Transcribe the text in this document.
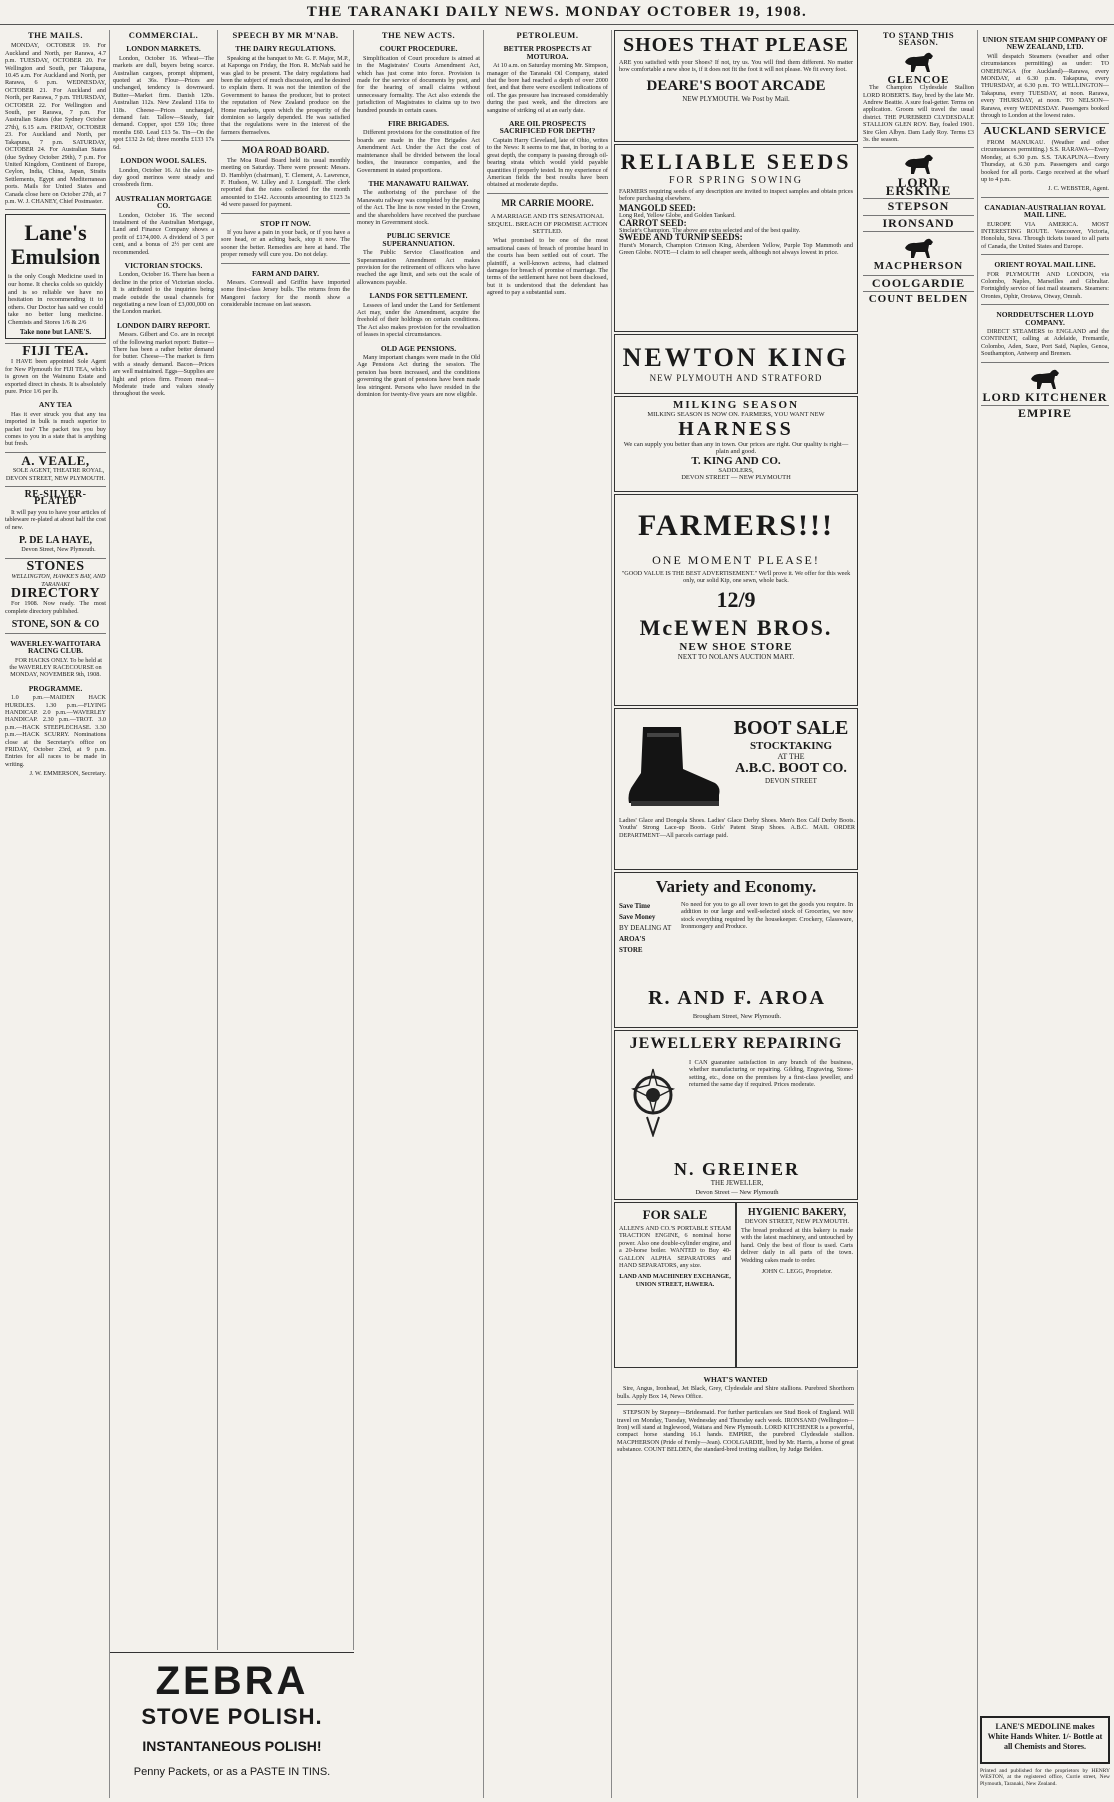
THE TARANAKI DAILY NEWS. MONDAY OCTOBER 19, 1908.
THE MAILS.

MONDAY, OCTOBER 19. For Auckland and North, per Rarawa, 4.7 p.m. TUESDAY, OCTOBER 20. For Wellington and South, per Takapuna, 10.45 a.m. For Auckland and North, per Rarawa, 6 p.m. WEDNESDAY, OCTOBER 21. For Auckland and North, per Rarawa, 7 p.m. THURSDAY, OCTOBER 22. For Wellington and South, per Rarawa, 7 p.m. For Australian States (due Sydney October 27th), 6.15 a.m. FRIDAY, OCTOBER 23. For Auckland and North, per Takapuna, 7 p.m. SATURDAY, OCTOBER 24. For Australian States (due Sydney October 29th), 7 p.m. For United Kingdom, Continent of Europe, Ceylon, India, China, Japan, Straits Settlements, Egypt and Mediterranean ports. Mails for United States and Canada close here on October 27th, at 7 p.m. W. J. CHANEY, Chief Postmaster.

Lane's Emulsion
is the only Cough Medicine used in our home. It checks colds so quickly and is so reliable we have no hesitation in recommending it to others. Our Doctor has said we could take no better lung medicine. Chemists and Stores 1/6 & 2/6
Take none but LANE'S.
FIJI TEA.

I HAVE been appointed Sole Agent for New Plymouth for FIJI TEA, which is grown on the Wainunu Estate and exported direct in chests. It is absolutely pure. Price 1/6 per lb.

ANY TEA

Has it ever struck you that any tea imported in bulk is much superior to packet tea? The packet tea you buy comes to you in a state that is anything but fresh.

A. VEALE,

SOLE AGENT, THEATRE ROYAL, DEVON STREET, NEW PLYMOUTH.

RE-SILVER-PLATED

It will pay you to have your articles of tableware re-plated at about half the cost of new.

P. DE LA HAYE,

Devon Street, New Plymouth.

STONES

WELLINGTON, HAWKE'S BAY, AND TARANAKI

DIRECTORY

For 1908. Now ready. The most complete directory published.

STONE, SON & CO
WAVERLEY-WAITOTARA RACING CLUB.

FOR HACKS ONLY. To be held at the WAVERLEY RACECOURSE on MONDAY, NOVEMBER 9th, 1908.

PROGRAMME.

1.0 p.m.—MAIDEN HACK HURDLES. 1.30 p.m.—FLYING HANDICAP. 2.0 p.m.—WAVERLEY HANDICAP. 2.30 p.m.—TROT. 3.0 p.m.—HACK STEEPLECHASE. 3.30 p.m.—HACK SCURRY. Nominations close at the Secretary's office on FRIDAY, October 23rd, at 9 p.m. Entries for all races to be made in writing.

J. W. EMMERSON, Secretary.

COMMERCIAL.
LONDON MARKETS.

London, October 16. Wheat—The markets are dull, buyers being scarce. Australian cargoes, prompt shipment, quoted at 36s. Flour—Prices are unchanged, tendency is downward. Butter—Market firm. Danish 120s. Australian 112s. New Zealand 116s to 118s. Cheese—Prices unchanged, demand fair. Tallow—Steady, fair demand. Copper, spot £59 10s; three months £60. Lead £13 5s. Tin—On the spot £132 2s 6d; three months £133 17s 6d.

LONDON WOOL SALES.

London, October 16. At the sales to-day good merinos were steady and crossbreds firm.

AUSTRALIAN MORTGAGE CO.

London, October 16. The second instalment of the Australian Mortgage, Land and Finance Company shows a profit of £174,000. A dividend of 3 per cent, and a bonus of 2½ per cent are recommended.

VICTORIAN STOCKS.

London, October 16. There has been a decline in the price of Victorian stocks. It is attributed to the inquiries being made outside the usual channels for negotiating a new loan of £3,000,000 on the London market.

LONDON DAIRY REPORT.

Messrs. Gilbert and Co. are in receipt of the following market report: Butter—There has been a rather better demand for butter. Cheese—The market is firm with a steady demand. Bacon—Prices are well maintained. Eggs—Supplies are light and prices firm. Frozen meat—Moderate trade and values steady throughout the week.

SPEECH BY MR M'NAB.
THE DAIRY REGULATIONS.

Speaking at the banquet to Mr. G. F. Major, M.P., at Kaponga on Friday, the Hon. R. McNab said he was glad to be present. The dairy regulations had been the subject of much discussion, and he desired to explain them. It was not the intention of the Government to harass the producer, but to protect the reputation of New Zealand produce on the Home markets, upon which the prosperity of the dominion so largely depended. He was satisfied that the regulations were in the interest of the farmers themselves.

MOA ROAD BOARD.

The Moa Road Board held its usual monthly meeting on Saturday. There were present: Messrs. D. Hamblyn (chairman), T. Clement, A. Lawrence, F. Hudson, W. Lilley and J. Longstaff. The clerk reported that the rates collected for the month amounted to £142. Accounts amounting to £123 3s 4d were passed for payment.

STOP IT NOW.

If you have a pain in your back, or if you have a sore head, or an aching back, stop it now. The sooner the better. Remedies are here at hand. The proper remedy will cure you. Do not delay.

FARM AND DAIRY.

Messrs. Cornwall and Griffin have imported some first-class Jersey bulls. The returns from the Mangorei factory for the month show a considerable increase on last season.

THE NEW ACTS.
COURT PROCEDURE.

Simplification of Court procedure is aimed at in the Magistrates' Courts Amendment Act, which has just come into force. Provision is made for the service of documents by post, and for the hearing of small claims without unnecessary formality. The Act also extends the jurisdiction of Magistrates to claims up to two hundred pounds in certain cases.

FIRE BRIGADES.

Different provisions for the constitution of fire boards are made in the Fire Brigades Act Amendment Act. Under the Act the cost of maintenance shall be divided between the local bodies, the insurance companies, and the Government in stated proportions.

THE MANAWATU RAILWAY.

The authorising of the purchase of the Manawatu railway was completed by the passing of the Act. The line is now vested in the Crown, and the shareholders have received the purchase money in Government stock.

PUBLIC SERVICE SUPERANNUATION.

The Public Service Classification and Superannuation Amendment Act makes provision for the retirement of officers who have reached the age limit, and sets out the scale of allowances payable.

LANDS FOR SETTLEMENT.

Lessees of land under the Land for Settlement Act may, under the Amendment, acquire the freehold of their holdings on certain conditions. The Act also makes provision for the revaluation of leases in special circumstances.

OLD AGE PENSIONS.

Many important changes were made in the Old Age Pensions Act during the session. The pension has been increased, and the conditions governing the grant of pensions have been made less stringent. Persons who have resided in the dominion for twenty-five years are now eligible.

PETROLEUM.
BETTER PROSPECTS AT MOTUROA.

At 10 a.m. on Saturday morning Mr. Simpson, manager of the Taranaki Oil Company, stated that the bore had reached a depth of over 2000 feet, and that there were excellent indications of oil. The gas pressure has increased considerably during the past week, and the directors are sanguine of striking oil at an early date.

ARE OIL PROSPECTS SACRIFICED FOR DEPTH?

Captain Harry Cleveland, late of Ohio, writes to the News: It seems to me that, in boring to a great depth, the company is passing through oil-bearing strata which would yield payable quantities if properly tested. In my experience of American fields the best results have been obtained at moderate depths.

MR CARRIE MOORE.
A MARRIAGE AND ITS SENSATIONAL SEQUEL. BREACH OF PROMISE ACTION SETTLED.

What promised to be one of the most sensational cases of breach of promise heard in the courts has been settled out of court. The plaintiff, a well-known actress, had claimed damages for breach of promise of marriage. The terms of the settlement have not been disclosed, but it is understood that the defendant has agreed to pay a substantial sum.

ZEBRA
STOVE POLISH.
INSTANTANEOUS POLISH!
Penny Packets, or as a PASTE IN TINS.
SHOES THAT PLEASE
ARE you satisfied with your Shoes? If not, try us. You will find them different. No matter how comfortable a new shoe is, if it does not fit the foot it will not please. We fit every foot.
DEARE'S BOOT ARCADE
NEW PLYMOUTH. We Post by Mail.
RELIABLE SEEDS
FOR SPRING SOWING
FARMERS requiring seeds of any description are invited to inspect samples and obtain prices before purchasing elsewhere.
MANGOLD SEED:
Long Red, Yellow Globe, and Golden Tankard.
CARROT SEED:
Sinclair's Champion. The above are extra selected and of the best quality.
SWEDE AND TURNIP SEEDS:
Hurst's Monarch, Champion Crimson King, Aberdeen Yellow, Purple Top Mammoth and Green Globe. NOTE—I claim to sell cheaper seeds, although not always lowest in price.
NEWTON KING
NEW PLYMOUTH AND STRATFORD
MILKING SEASON
MILKING SEASON IS NOW ON. FARMERS, YOU WANT NEW
HARNESS
We can supply you better than any in town. Our prices are right. Our quality is right—plain and good.
T. KING AND CO.
SADDLERS,
DEVON STREET — NEW PLYMOUTH
FARMERS!!!
ONE MOMENT PLEASE!
"GOOD VALUE IS THE BEST ADVERTISEMENT." We'll prove it. We offer for this week only, our solid Kip, one sewn, whole back.
12/9
McEWEN BROS.
NEW SHOE STORE
NEXT TO NOLAN'S AUCTION MART.
BOOT SALE
STOCKTAKING
AT THE
A.B.C. BOOT CO.
DEVON STREET
Ladies' Glace and Dongola Shoes. Ladies' Glace Derby Shoes. Men's Box Calf Derby Boots. Youths' Strong Lace-up Boots. Girls' Patent Strap Shoes. A.B.C. MAIL ORDER DEPARTMENT—All parcels carriage paid.
Variety and Economy.
Save Time
Save Money
BY DEALING AT
AROA'S
STORE
No need for you to go all over town to get the goods you require. In addition to our large and well-selected stock of Groceries, we now stock everything required by the housekeeper. Crockery, Glassware, Ironmongery and Produce.
R. AND F. AROA
Brougham Street, New Plymouth.
JEWELLERY REPAIRING
I CAN guarantee satisfaction in any branch of the business, whether manufacturing or repairing. Gilding, Engraving, Stone-setting, etc., done on the premises by a first-class jeweller, and returned the same day if required. Prices moderate.
N. GREINER
THE JEWELLER,
Devon Street — New Plymouth
FOR SALE
ALLEN'S AND CO.'S PORTABLE STEAM TRACTION ENGINE, 6 nominal horse power. Also one double-cylinder engine, and a 20-horse boiler. WANTED to Buy 40-GALLON ALPHA SEPARATORS and HAND SEPARATORS, any size.
LAND AND MACHINERY EXCHANGE, UNION STREET, HAWERA.
HYGIENIC BAKERY,
DEVON STREET, NEW PLYMOUTH.
The bread produced at this bakery is made with the latest machinery, and untouched by hand. Only the best of flour is used. Carts deliver daily in all parts of the town. Wedding cakes made to order.
JOHN C. LEGG, Proprietor.
WHAT'S WANTED

Sire, Angus, Ironhead, Jet Black, Grey, Clydesdale and Shire stallions. Purebred Shorthorn bulls. Apply Box 14, News Office.

STEPSON by Stepney—Bridesmaid. For further particulars see Stud Book of England. Will travel on Monday, Tuesday, Wednesday and Thursday each week. IRONSAND (Wellington—Iron) will stand at Inglewood, Waitara and New Plymouth. LORD KITCHENER is a powerful, compact horse standing 16.1 hands. EMPIRE, the purebred Clydesdale stallion. MACPHERSON (Pride of Fernly—Jean). COOLGARDIE, bred by Mr. Harris, a horse of great substance. COUNT BELDEN, the standard-bred trotting stallion, by Judge Belden.

TO STAND THIS SEASON.
GLENCOE

The Champion Clydesdale Stallion LORD ROBERTS. Bay, bred by the late Mr. Andrew Beattie. A sure foal-getter. Terms on application. Groom will travel the usual district. THE PUREBRED CLYDESDALE STALLION GLEN ROY. Bay, foaled 1901. Sire Glen Albyn. Dam Lady Roy. Terms £3 3s. the season.

LORD ERSKINE
STEPSON
IRONSAND
MACPHERSON
COOLGARDIE
COUNT BELDEN
UNION STEAM SHIP COMPANY OF NEW ZEALAND, LTD.

Will despatch Steamers (weather and other circumstances permitting) as under: TO ONEHUNGA (for Auckland)—Rarawa, every MONDAY, at 6.30 p.m. Takapuna, every THURSDAY, at 6.30 p.m. TO WELLINGTON—Takapuna, every TUESDAY, at noon. Rarawa, every THURSDAY, at noon. TO NELSON—Rarawa, every WEDNESDAY. Passengers booked through to London at the lowest rates.

AUCKLAND SERVICE

FROM MANUKAU. (Weather and other circumstances permitting.) S.S. RARAWA—Every Monday, at 6.30 p.m. S.S. TAKAPUNA—Every Thursday, at 6.30 p.m. Passengers and cargo booked for all ports. Cargo received at the wharf up to 4 p.m.

J. C. WEBSTER, Agent.

CANADIAN-AUSTRALIAN ROYAL MAIL LINE.

EUROPE VIA AMERICA. MOST INTERESTING ROUTE. Vancouver, Victoria, Honolulu, Suva. Through tickets issued to all parts of Canada, the United States and Europe.

ORIENT ROYAL MAIL LINE.

FOR PLYMOUTH AND LONDON, via Colombo, Naples, Marseilles and Gibraltar. Fortnightly service of fast mail steamers. Steamers: Orontes, Ophir, Orotava, Otway, Omrah.

NORDDEUTSCHER LLOYD COMPANY.

DIRECT STEAMERS to ENGLAND and the CONTINENT, calling at Adelaide, Fremantle, Colombo, Aden, Suez, Port Said, Naples, Genoa, Southampton, Antwerp and Bremen.

LORD KITCHENER
EMPIRE
LANE'S MEDOLINE makes White Hands Whiter. 1/- Bottle at all Chemists and Stores.
Printed and published for the proprietors by HENRY WESTON, at the registered office, Currie street, New Plymouth, Taranaki, New Zealand.
